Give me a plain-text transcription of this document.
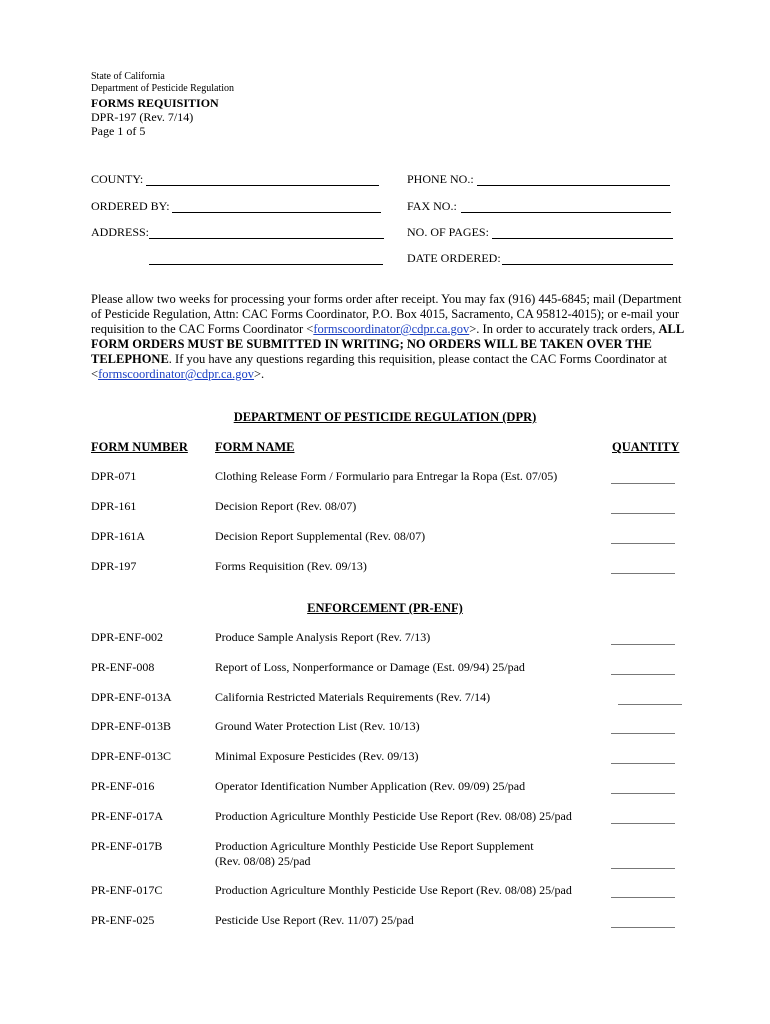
State of California
Department of Pesticide Regulation
FORMS REQUISITION
DPR-197 (Rev. 7/14)
Page 1 of 5
COUNTY:	PHONE NO.:
ORDERED BY:	FAX NO.:
ADDRESS:	NO. OF PAGES:
DATE ORDERED:
Please allow two weeks for processing your forms order after receipt. You may fax (916) 445-6845; mail (Department of Pesticide Regulation, Attn: CAC Forms Coordinator, P.O. Box 4015, Sacramento, CA 95812-4015); or e-mail your requisition to the CAC Forms Coordinator <formscoordinator@cdpr.ca.gov>. In order to accurately track orders, ALL FORM ORDERS MUST BE SUBMITTED IN WRITING; NO ORDERS WILL BE TAKEN OVER THE TELEPHONE. If you have any questions regarding this requisition, please contact the CAC Forms Coordinator at <formscoordinator@cdpr.ca.gov>.
DEPARTMENT OF PESTICIDE REGULATION (DPR)
FORM NUMBER FORM NAME	QUANTITY
DPR-071	Clothing Release Form / Formulario para Entregar la Ropa (Est. 07/05)
DPR-161	Decision Report (Rev. 08/07)
DPR-161A	Decision Report Supplemental (Rev. 08/07)
DPR-197	Forms Requisition (Rev. 09/13)
ENFORCEMENT (PR-ENF)
DPR-ENF-002	Produce Sample Analysis Report (Rev. 7/13)
PR-ENF-008	Report of Loss, Nonperformance or Damage (Est. 09/94) 25/pad
DPR-ENF-013A	California Restricted Materials Requirements (Rev. 7/14)
DPR-ENF-013B	Ground Water Protection List (Rev. 10/13)
DPR-ENF-013C	Minimal Exposure Pesticides (Rev. 09/13)
PR-ENF-016	Operator Identification Number Application (Rev. 09/09) 25/pad
PR-ENF-017A	Production Agriculture Monthly Pesticide Use Report (Rev. 08/08) 25/pad
PR-ENF-017B	Production Agriculture Monthly Pesticide Use Report Supplement
(Rev. 08/08) 25/pad
PR-ENF-017C	Production Agriculture Monthly Pesticide Use Report (Rev. 08/08) 25/pad
PR-ENF-025	Pesticide Use Report (Rev. 11/07) 25/pad
